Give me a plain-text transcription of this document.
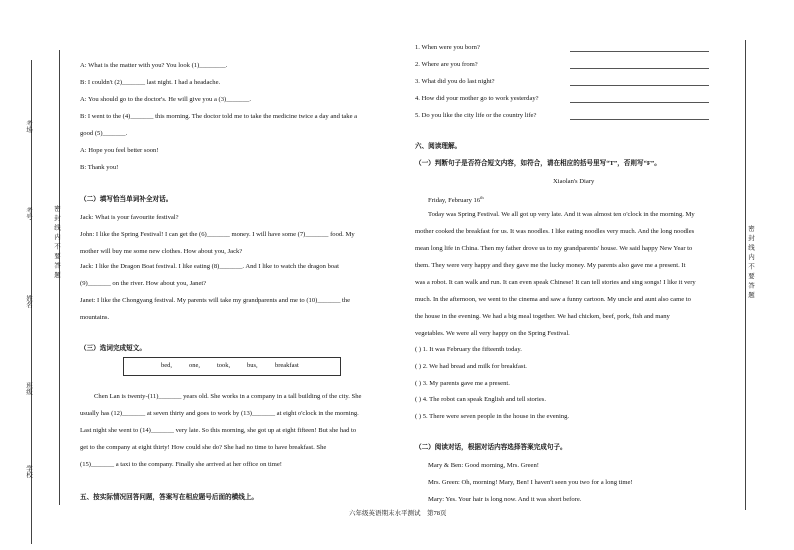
考场
考号
姓名
班级
学校
密封线内不要答题	密封线内不要答题
A: What is the matter with you? You look (1)________.
B: I couldn't (2)_______ last night. I had a headache.
A: You should go to the doctor's. He will give you a (3)_______.
B: I went to the (4)_______ this morning. The doctor told me to take the medicine twice a day and take a
good (5)_______.
A: Hope you feel better soon!
B: Thank you!
（二）填写恰当单词补全对话。
Jack: What is your favourite festival?
John: I like the Spring Festival! I can get the (6)_______ money. I will have some (7)_______ food. My
mother will buy me some new clothes. How about you, Jack?
Jack: I like the Dragon Boat festival. I like eating (8)_______. And I like to watch the dragon boat
(9)_______ on the river. How about you, Janet?
Janet: I like the Chongyang festival. My parents will take my grandparents and me to (10)_______ the
mountains.
（三）选词完成短文。
bed,	one,	took,	bus,	breakfast
Chen Lan is twenty-(11)_______ years old. She works in a company in a tall building of the city. She
usually has (12)_______ at seven thirty and goes to work by (13)_______ at eight o'clock in the morning.
Last night she went to (14)_______ very late. So this morning, she got up at eight fifteen! But she had to
get to the company at eight thirty! How could she do? She had no time to have breakfast. She
(15)_______ a taxi to the company. Finally she arrived at her office on time!
五、按实际情况回答问题，答案写在相应题号后面的横线上。
1. When were you born?
2. Where are you from?
3. What did you do last night?
4. How did your mother go to work yesterday?
5. Do you like the city life or the country life?
六、阅读理解。
（一）判断句子是否符合短文内容，如符合，请在相应的括号里写“T”，否则写“F”。
Xiaolan's Diary
Friday, February 16th
Today was Spring Festival. We all got up very late. And it was almost ten o'clock in the morning. My
mother cooked the breakfast for us. It was noodles. I like eating noodles very much. And the long noodles
mean long life in China. Then my father drove us to my grandparents' house. We said happy New Year to
them. They were very happy and they gave me the lucky money. My parents also gave me a present. It
was a robot. It can walk and run. It can even speak Chinese! It can tell stories and sing songs! I like it very
much. In the afternoon, we went to the cinema and saw a funny cartoon. My uncle and aunt also came to
the house in the evening. We had a big meal together. We had chicken, beef, pork, fish and many
vegetables. We were all very happy on the Spring Festival.
( ) 1. It was February the fifteenth today.
( ) 2. We had bread and milk for breakfast.
( ) 3. My parents gave me a present.
( ) 4. The robot can speak English and tell stories.
( ) 5. There were seven people in the house in the evening.
（二）阅读对话，根据对话内容选择答案完成句子。
Mary & Ben: Good morning, Mrs. Green!
Mrs. Green: Oh, morning! Mary, Ben! I haven't seen you two for a long time!
Mary: Yes. Your hair is long now. And it was short before.
六年级英语期末水平测试    第78页
